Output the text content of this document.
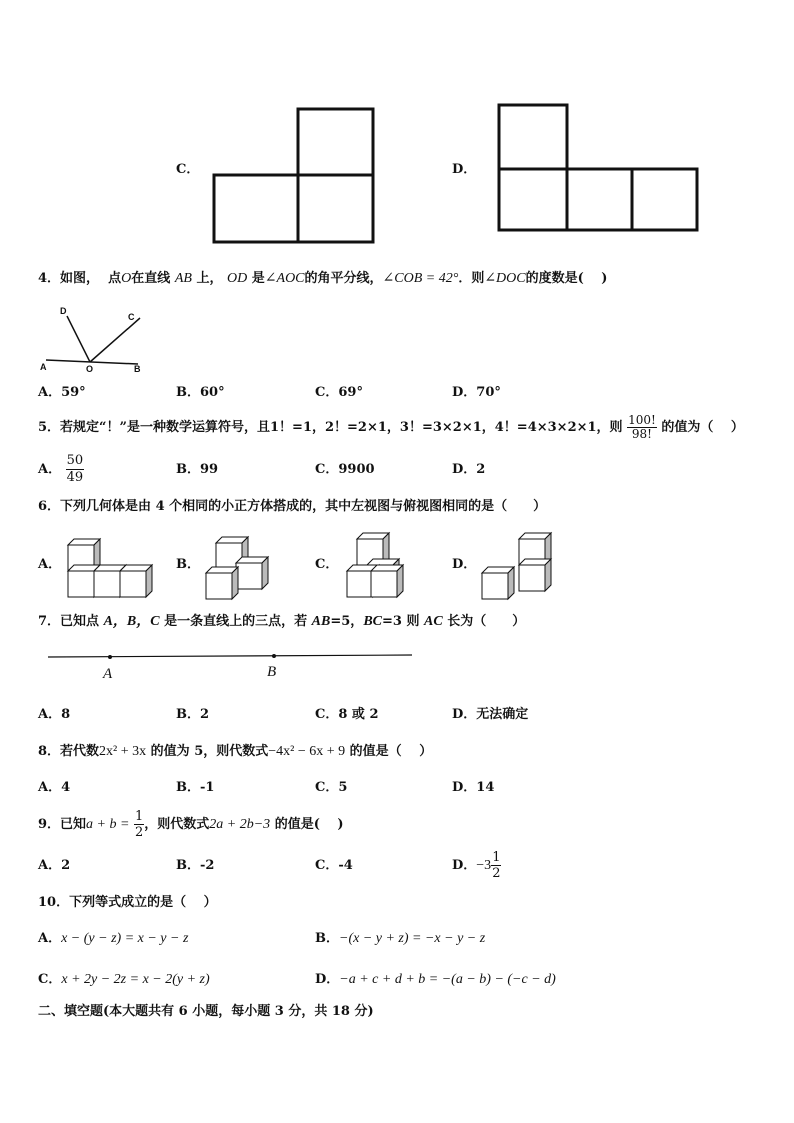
C．	D．
4．如图， 点O在直线 AB 上， OD 是∠AOC的角平分线，∠COB = 42°．则∠DOC的度数是(　 )
D
C
A	O	B
A．59°	B．60°	C．69°	D．70°
5．若规定“！”是一种数学运算符号，且1！=1，2！=2×1，3！=3×2×1，4！=4×3×2×1，则 $\frac{100!}{98!}$ 的值为（　 ）
A． $\frac{50}{49}$	B．99	C．9900	D．2
6．下列几何体是由 4 个相同的小正方体搭成的，其中左视图与俯视图相同的是（　　）
A．	B．	C．	D．
7．已知点 A，B，C 是一条直线上的三点，若 AB=5，BC=3 则 AC 长为（　　）
A	B
A．8	B．2	C．8 或 2	D．无法确定
8．若代数2x² + 3x 的值为 5，则代数式−4x² − 6x + 9 的值是（　 ）
A．4	B．-1	C．5	D．14
9．已知$a + b = \frac{1}{2}$ ，则代数式2a + 2b−3 的值是(　 )
A．2	B．-2	C．-4	D．$-3 \frac{1}{2}$
10．下列等式成立的是（　 ）
A．x − (y − z) = x − y − z	B．−(x − y + z) = −x − y − z
C．x + 2y − 2z = x − 2(y + z)	D．−a + c + d + b = −(a − b) − (−c − d)
二、填空题(本大题共有 6 小题，每小题 3 分，共 18 分)
